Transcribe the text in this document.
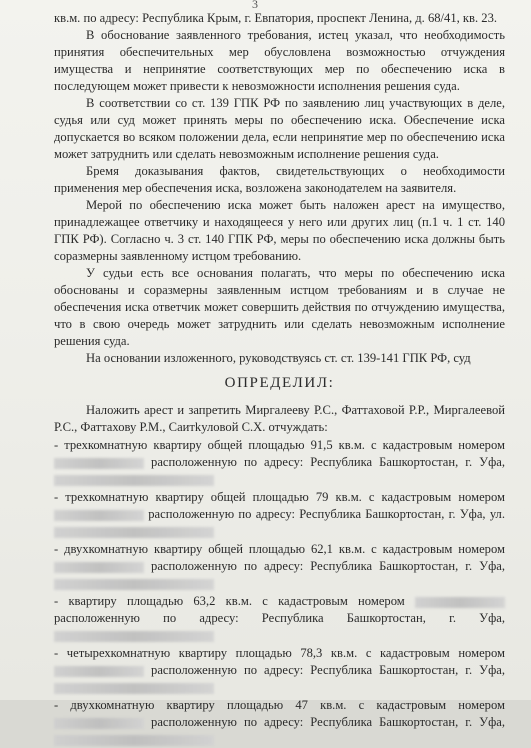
3

кв.м. по адресу: Республика Крым, г. Евпатория, проспект Ленина, д. 68/41, кв. 23.

В обоснование заявленного требования, истец указал, что необходимость принятия обеспечительных мер обусловлена возможностью отчуждения имущества и непринятие соответствующих мер по обеспечению иска в последующем может привести к невозможности исполнения решения суда.

В соответствии со ст. 139 ГПК РФ по заявлению лиц участвующих в деле, судья или суд может принять меры по обеспечению иска. Обеспечение иска допускается во всяком положении дела, если непринятие мер по обеспечению иска может затруднить или сделать невозможным исполнение решения суда.

Бремя доказывания фактов, свидетельствующих о необходимости применения мер обеспечения иска, возложена законодателем на заявителя.

Мерой по обеспечению иска может быть наложен арест на имущество, принадлежащее ответчику и находящееся у него или других лиц (п.1 ч. 1 ст. 140 ГПК РФ). Согласно ч. 3 ст. 140 ГПК РФ, меры по обеспечению иска должны быть соразмерны заявленному истцом требованию.

У судьи есть все основания полагать, что меры по обеспечению иска обоснованы и соразмерны заявленным истцом требованиям и в случае не обеспечения иска ответчик может совершить действия по отчуждению имущества, что в свою очередь может затруднить или сделать невозможным исполнение решения суда.

На основании изложенного, руководствуясь ст. ст. 139-141 ГПК РФ, суд

ОПРЕДЕЛИЛ:

Наложить арест и запретить Миргалееву Р.С., Фаттаховой Р.Р., Миргалеевой Р.С., Фаттахову Р.М., Саитkуловой С.Х. отчуждать:

- трехкомнатную квартиру общей площадью 91,5 кв.м. с кадастровым номером  расположенную по адресу: Республика Башкортостан, г. Уфа,
- трехкомнатную квартиру общей площадью 79 кв.м. с кадастровым номером  расположенную по адресу: Республика Башкортостан, г. Уфа, ул.
- двухкомнатную квартиру общей площадью 62,1 кв.м. с кадастровым номером  расположенную по адресу: Республика Башкортостан, г. Уфа,
- квартиру площадью 63,2 кв.м. с кадастровым номером  расположенную по адресу: Республика Башкортостан, г. Уфа,
- четырехкомнатную квартиру площадью 78,3 кв.м. с кадастровым номером  расположенную по адресу: Республика Башкортостан, г. Уфа,
- двухкомнатную квартиру площадью 47 кв.м. с кадастровым номером  расположенную по адресу: Республика Башкортостан, г. Уфа,
